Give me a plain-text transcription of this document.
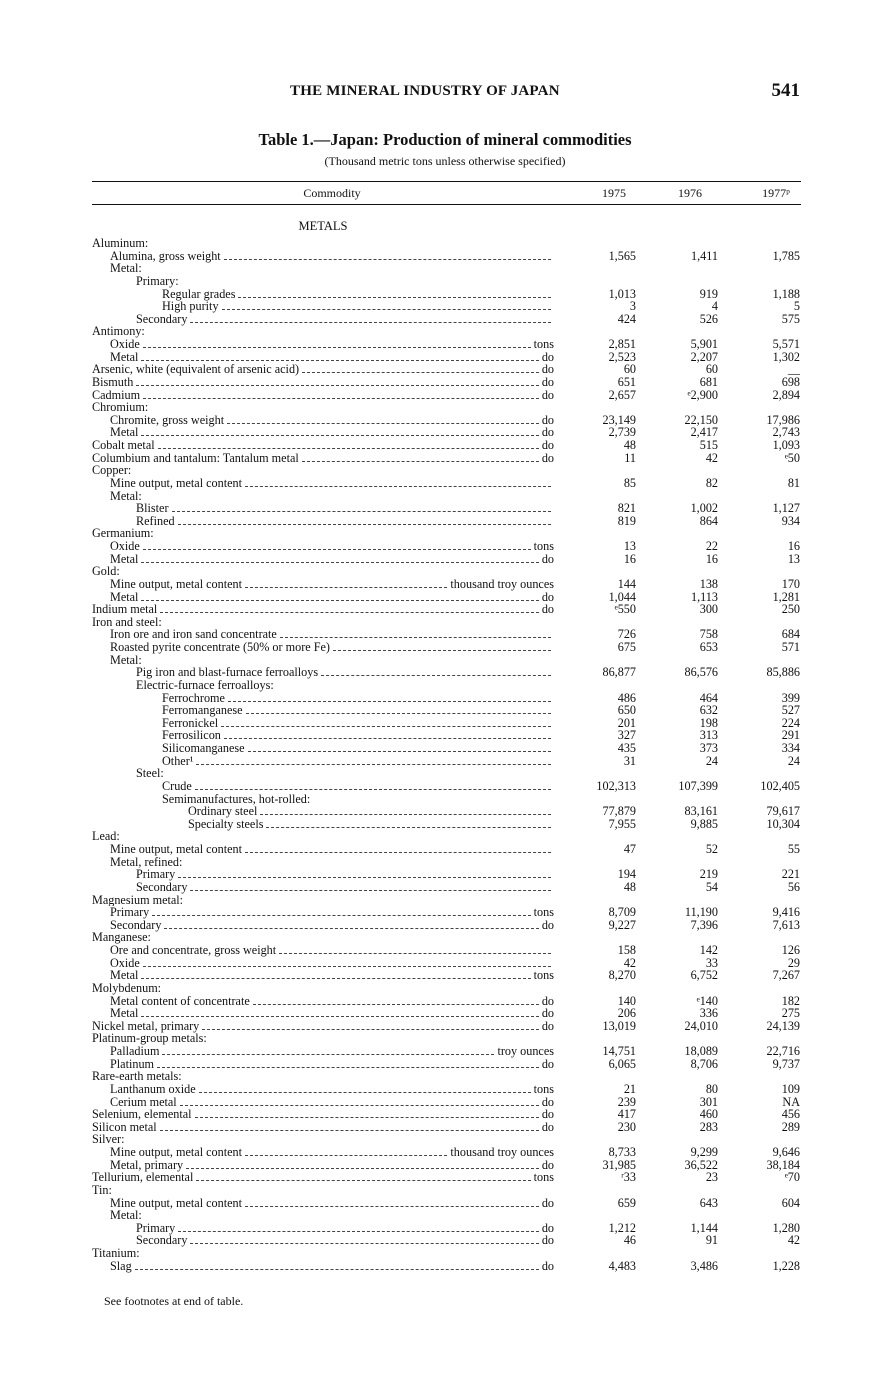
THE MINERAL INDUSTRY OF JAPAN	541
Table 1.—Japan: Production of mineral commodities
(Thousand metric tons unless otherwise specified)
Commodity	1975	1976	1977ᵖ
METALS
Aluminum:
Alumina, gross weight	1,565	1,411	1,785
Metal:
Primary:
Regular grades	1,013	919	1,188
High purity	3	4	5
Secondary	424	526	575
Antimony:
Oxide	tons	2,851	5,901	5,571
Metal	do	2,523	2,207	1,302
Arsenic, white (equivalent of arsenic acid)	do	60	60	__
Bismuth	do	651	681	698
Cadmium	do	2,657	ᵉ2,900	2,894
Chromium:
Chromite, gross weight	do	23,149	22,150	17,986
Metal	do	2,739	2,417	2,743
Cobalt metal	do	48	515	1,093
Columbium and tantalum: Tantalum metal	do	11	42	ᵉ50
Copper:
Mine output, metal content	85	82	81
Metal:
Blister	821	1,002	1,127
Refined	819	864	934
Germanium:
Oxide	tons	13	22	16
Metal	do	16	16	13
Gold:
Mine output, metal content	thousand troy ounces	144	138	170
Metal	do	1,044	1,113	1,281
Indium metal	do	ᵉ550	300	250
Iron and steel:
Iron ore and iron sand concentrate	726	758	684
Roasted pyrite concentrate (50% or more Fe)	675	653	571
Metal:
Pig iron and blast-furnace ferroalloys	86,877	86,576	85,886
Electric-furnace ferroalloys:
Ferrochrome	486	464	399
Ferromanganese	650	632	527
Ferronickel	201	198	224
Ferrosilicon	327	313	291
Silicomanganese	435	373	334
Other¹	31	24	24
Steel:
Crude	102,313	107,399	102,405
Semimanufactures, hot-rolled:
Ordinary steel	77,879	83,161	79,617
Specialty steels	7,955	9,885	10,304
Lead:
Mine output, metal content	47	52	55
Metal, refined:
Primary	194	219	221
Secondary	48	54	56
Magnesium metal:
Primary	tons	8,709	11,190	9,416
Secondary	do	9,227	7,396	7,613
Manganese:
Ore and concentrate, gross weight	158	142	126
Oxide	42	33	29
Metal	tons	8,270	6,752	7,267
Molybdenum:
Metal content of concentrate	do	140	ᵉ140	182
Metal	do	206	336	275
Nickel metal, primary	do	13,019	24,010	24,139
Platinum-group metals:
Palladium	troy ounces	14,751	18,089	22,716
Platinum	do	6,065	8,706	9,737
Rare-earth metals:
Lanthanum oxide	tons	21	80	109
Cerium metal	do	239	301	NA
Selenium, elemental	do	417	460	456
Silicon metal	do	230	283	289
Silver:
Mine output, metal content	thousand troy ounces	8,733	9,299	9,646
Metal, primary	do	31,985	36,522	38,184
Tellurium, elemental	tons	ʳ33	23	ᵉ70
Tin:
Mine output, metal content	do	659	643	604
Metal:
Primary	do	1,212	1,144	1,280
Secondary	do	46	91	42
Titanium:
Slag	do	4,483	3,486	1,228
See footnotes at end of table.
